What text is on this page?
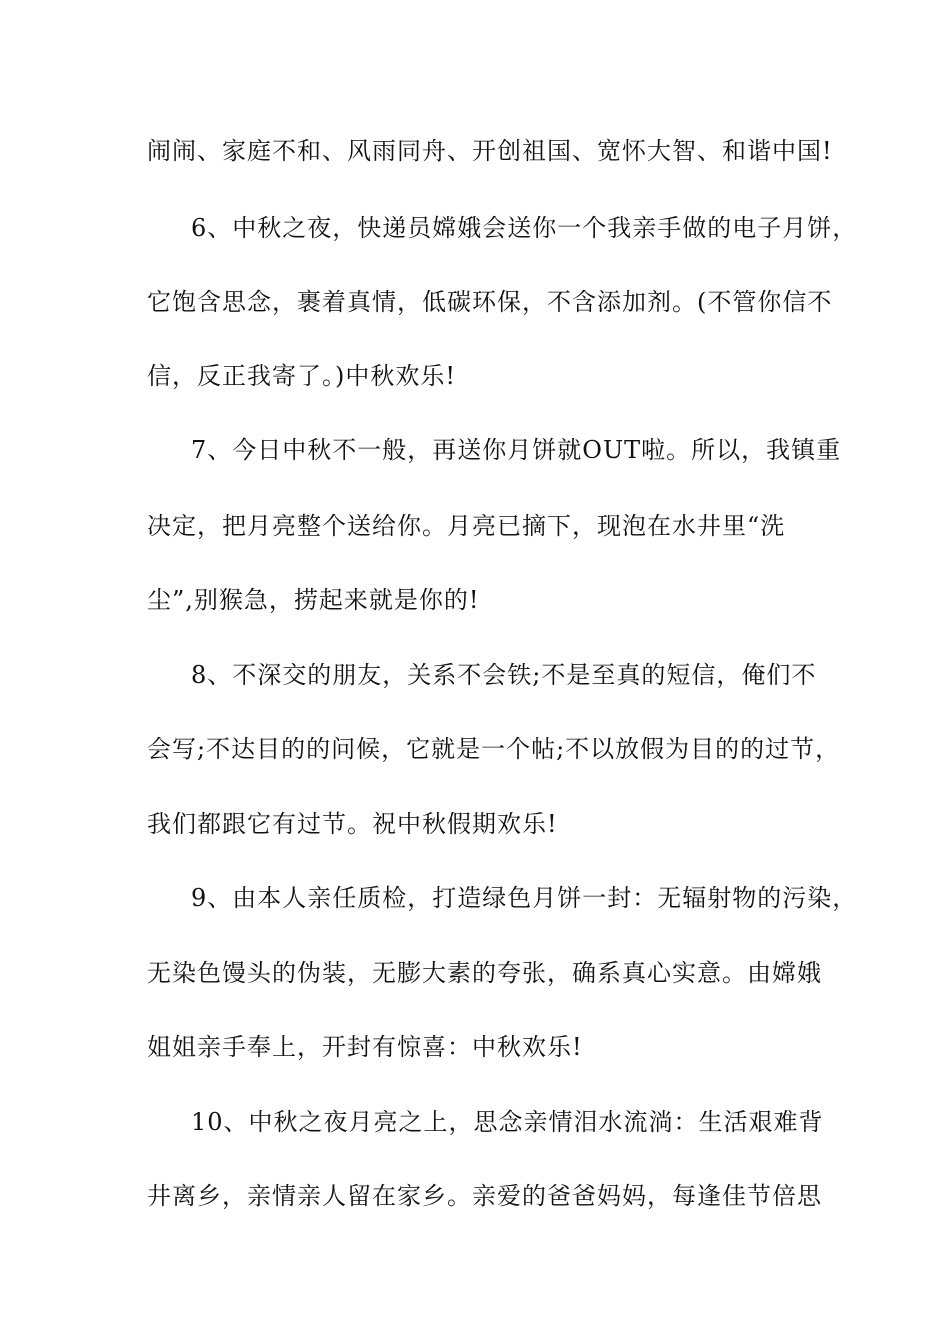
闹闹、家庭不和、风雨同舟、开创祖国、宽怀大智、和谐中国!
6、中秋之夜，快递员嫦娥会送你一个我亲手做的电子月饼，
它饱含思念，裹着真情，低碳环保，不含添加剂。(不管你信不
信，反正我寄了。)中秋欢乐!
7、今日中秋不一般，再送你月饼就OUT啦。所以，我镇重
决定，把月亮整个送给你。月亮已摘下，现泡在水井里“洗
尘”,别猴急，捞起来就是你的!
8、不深交的朋友，关系不会铁;不是至真的短信，俺们不
会写;不达目的的问候，它就是一个帖;不以放假为目的的过节，
我们都跟它有过节。祝中秋假期欢乐!
9、由本人亲任质检，打造绿色月饼一封：无辐射物的污染，
无染色馒头的伪装，无膨大素的夸张，确系真心实意。由嫦娥
姐姐亲手奉上，开封有惊喜：中秋欢乐!
10、中秋之夜月亮之上，思念亲情泪水流淌：生活艰难背
井离乡，亲情亲人留在家乡。亲爱的爸爸妈妈，每逢佳节倍思
